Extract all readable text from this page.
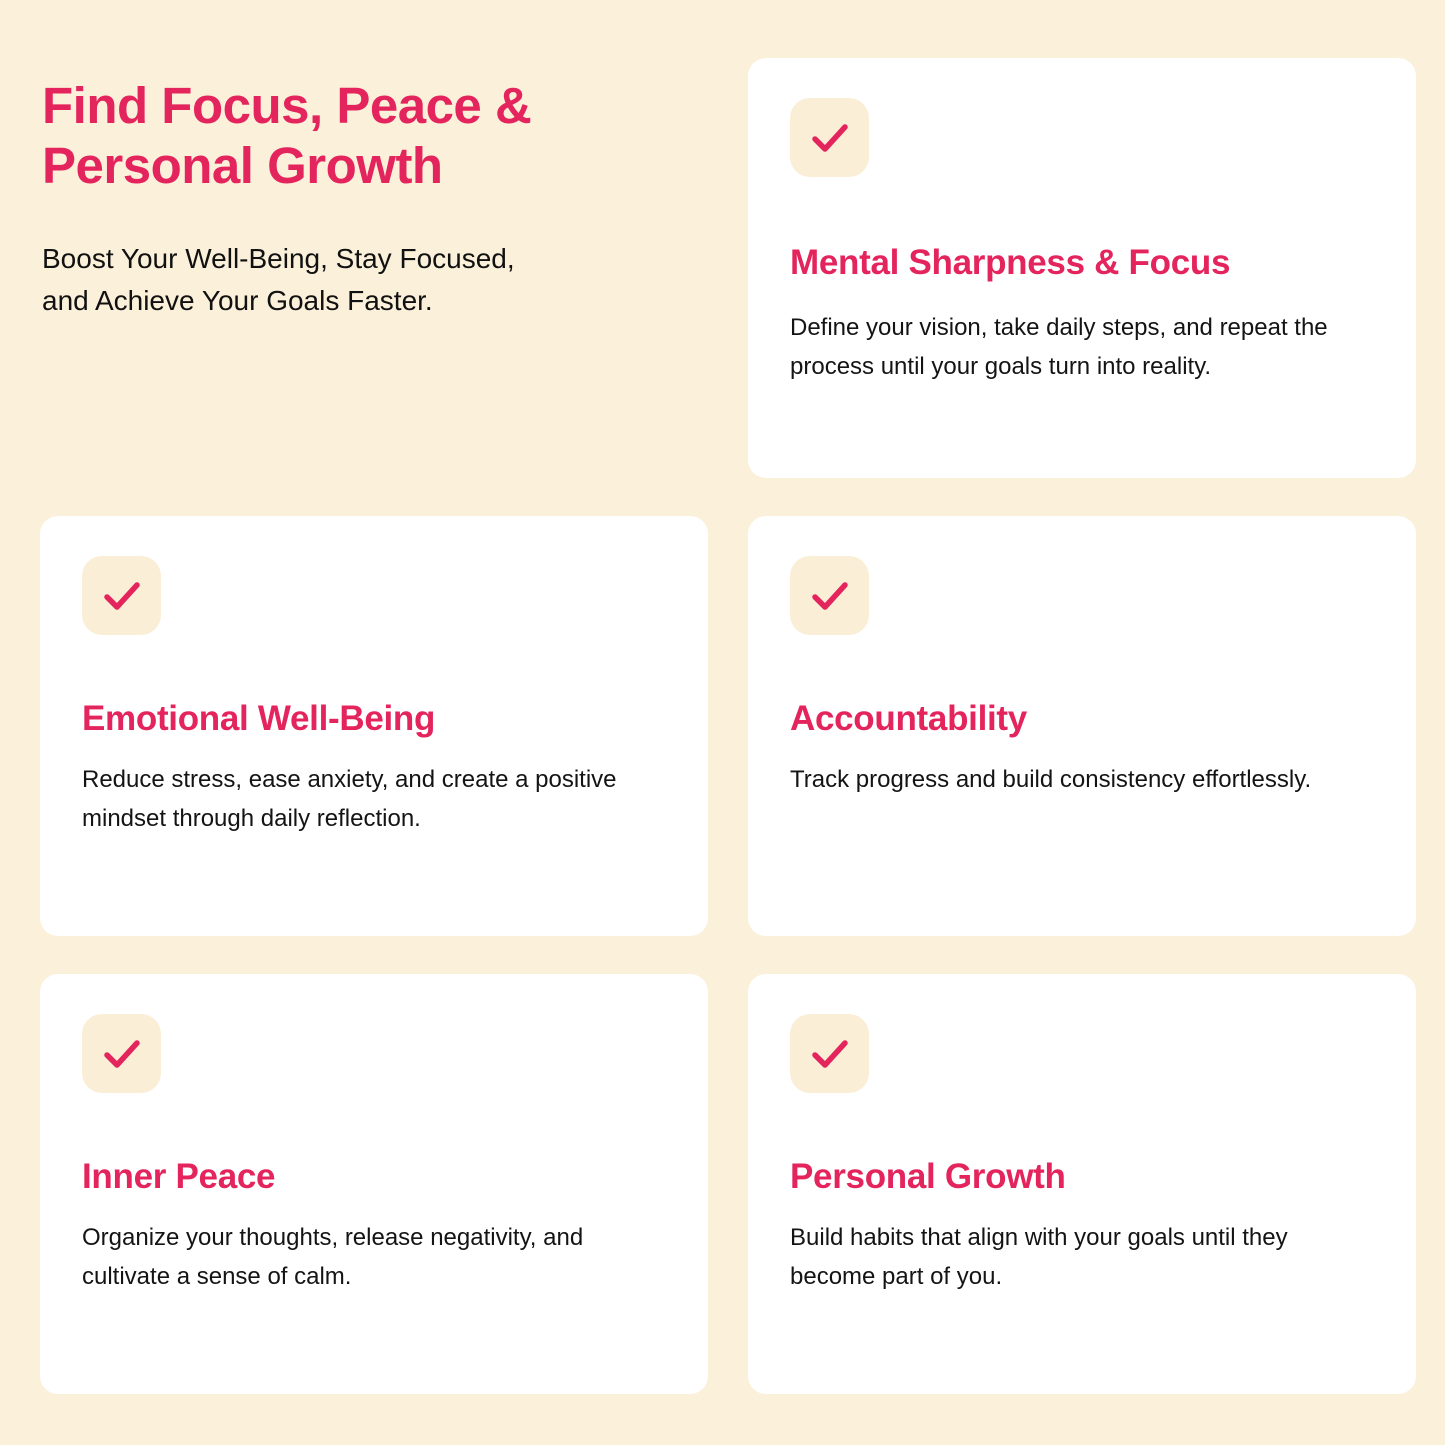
Find Focus, Peace &
Personal Growth

Boost Your Well-Being, Stay Focused,
and Achieve Your Goals Faster.

Mental Sharpness & Focus

Define your vision, take daily steps, and repeat the process until your goals turn into reality.

Emotional Well-Being

Reduce stress, ease anxiety, and create a positive mindset through daily reflection.

Accountability

Track progress and build consistency effortlessly.

Inner Peace

Organize your thoughts, release negativity, and cultivate a sense of calm.

Personal Growth

Build habits that align with your goals until they become part of you.
